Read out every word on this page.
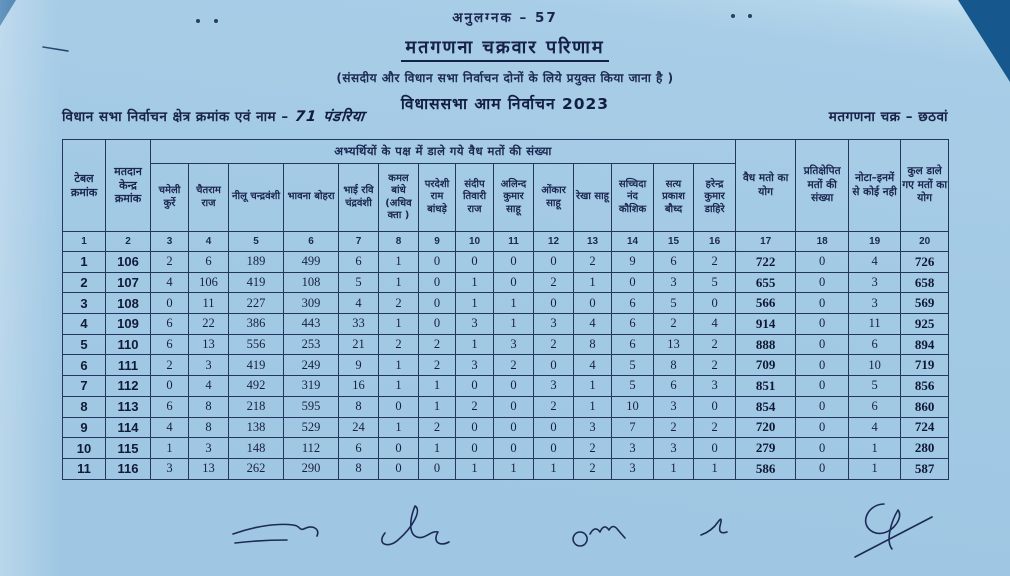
अनुलग्नक – 57
मतगणना चक्रवार परिणाम
(संसदीय और विधान सभा निर्वाचन दोनों के लिये प्रयुक्त किया जाना है )
विधाससभा आम निर्वाचन 2023
विधान सभा निर्वाचन क्षेत्र क्रमांक एवं नाम – 71 पंडरिया	मतगणना चक्र – छठवां
टेबल क्रमांक	मतदान केन्द्र क्रमांक	अभ्यर्थियों के पक्ष में डाले गये वैध मतों की संख्या														वैध मतो का योग	प्रतिक्षेपित मतों की संख्या	नोटा–इनमें से कोई नही	कुल डाले गए मतों का योग
		चमेली कुर्रे	चैतराम राज	नीलू चन्द्रवंशी	भावना बोहरा	भाई रवि चंद्रवंशी	कमल बांधे (अधिवक्ता )	परदेशी राम बांधड़े	संदीप तिवारी राज	अलिन्द कुमार साहू	ओंकार साहू	रेखा साहू	सच्चिदा नंद कौशिक	सत्य प्रकाश बौध्द	हरेन्द्र कुमार डाहिरे				
1	2	3	4	5	6	7	8	9	10	11	12	13	14	15	16	17	18	19	20
1	106	2	6	189	499	6	1	0	0	0	0	2	9	6	2	722	0	4	726
2	107	4	106	419	108	5	1	0	1	0	2	1	0	3	5	655	0	3	658
3	108	0	11	227	309	4	2	0	1	1	0	0	6	5	0	566	0	3	569
4	109	6	22	386	443	33	1	0	3	1	3	4	6	2	4	914	0	11	925
5	110	6	13	556	253	21	2	2	1	3	2	8	6	13	2	888	0	6	894
6	111	2	3	419	249	9	1	2	3	2	0	4	5	8	2	709	0	10	719
7	112	0	4	492	319	16	1	1	0	0	3	1	5	6	3	851	0	5	856
8	113	6	8	218	595	8	0	1	2	0	2	1	10	3	0	854	0	6	860
9	114	4	8	138	529	24	1	2	0	0	0	3	7	2	2	720	0	4	724
10	115	1	3	148	112	6	0	1	0	0	0	2	3	3	0	279	0	1	280
11	116	3	13	262	290	8	0	0	1	1	1	2	3	1	1	586	0	1	587
